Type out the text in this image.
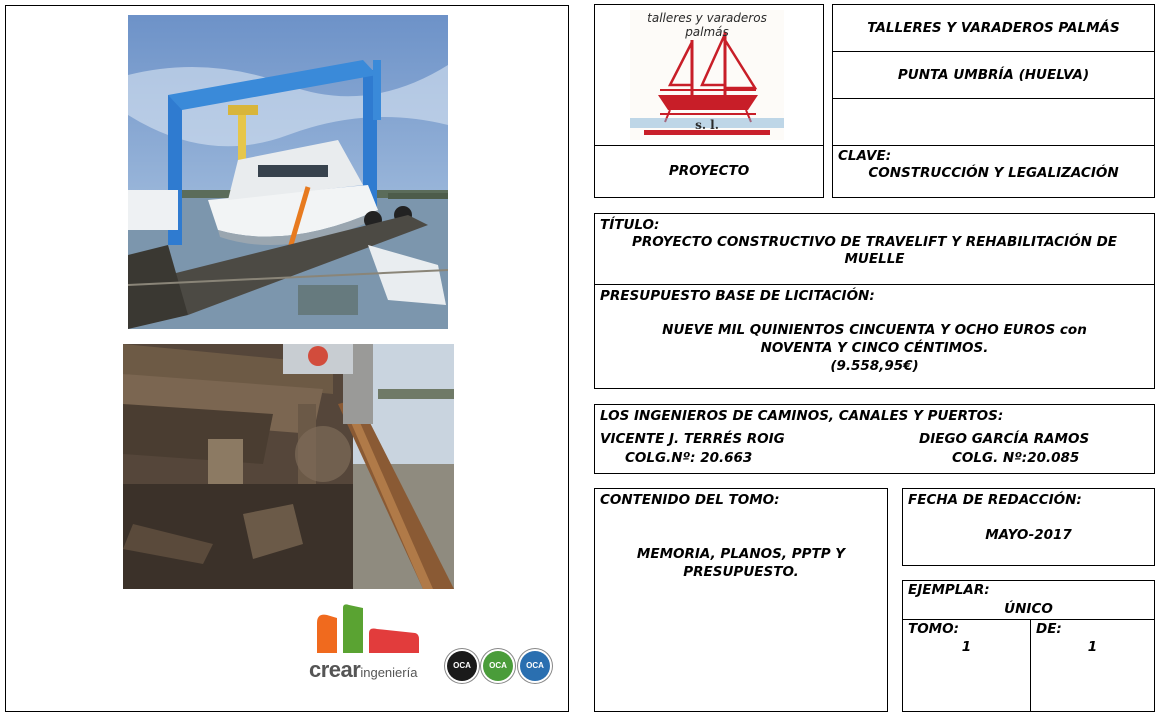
crearingeniería	OCA	OCA	OCA
talleres y varaderos palmás
s. l.
PROYECTO
TALLERES Y VARADEROS PALMÁS
PUNTA UMBRÍA (HUELVA)
CLAVE:
CONSTRUCCIÓN Y LEGALIZACIÓN
TÍTULO:
PROYECTO CONSTRUCTIVO DE TRAVELIFT Y REHABILITACIÓN DE
MUELLE
PRESUPUESTO BASE DE LICITACIÓN:
NUEVE MIL QUINIENTOS CINCUENTA Y OCHO EUROS con
NOVENTA Y CINCO CÉNTIMOS.
(9.558,95€)
LOS INGENIEROS DE CAMINOS, CANALES Y PUERTOS:
VICENTE J. TERRÉS ROIG
COLG.Nº: 20.663
DIEGO GARCÍA RAMOS
COLG. Nº:20.085
CONTENIDO DEL TOMO:
MEMORIA, PLANOS, PPTP Y
PRESUPUESTO.
FECHA DE REDACCIÓN:
MAYO-2017
EJEMPLAR:
ÚNICO
TOMO:
1
DE:
1
